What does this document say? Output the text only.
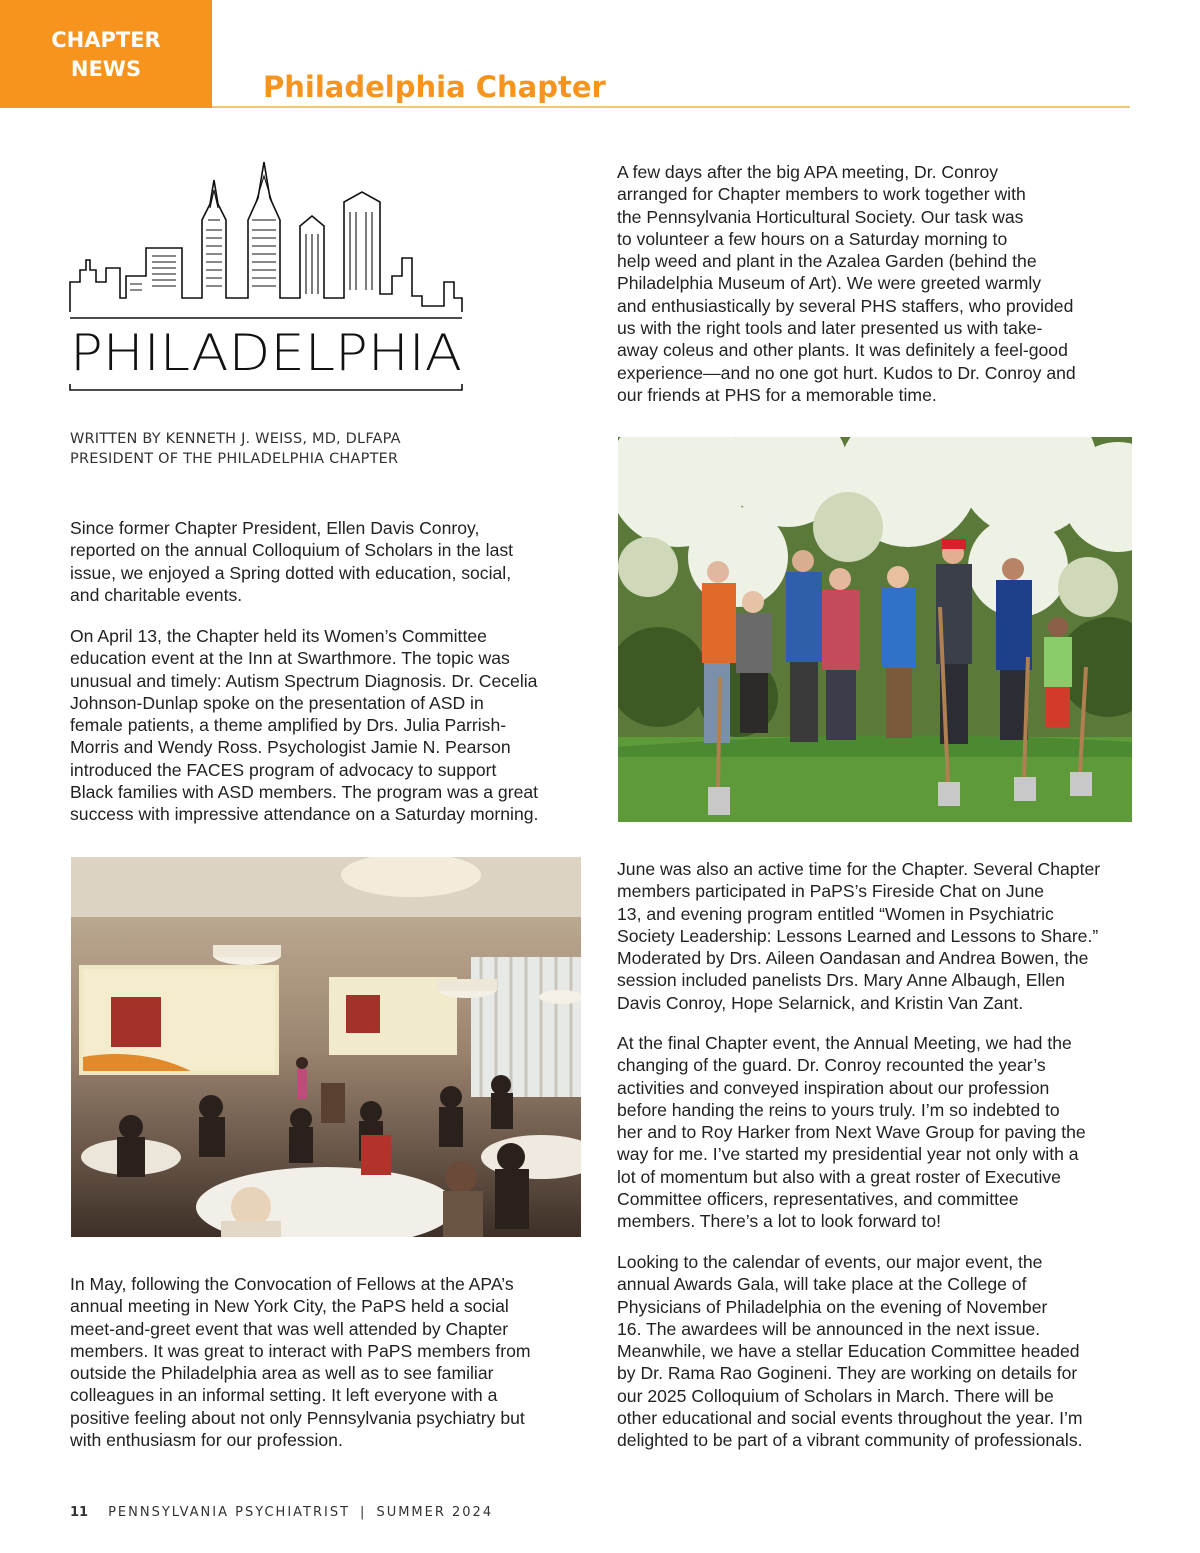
CHAPTER
NEWS
Philadelphia Chapter
PHILADELPHIA
WRITTEN BY KENNETH J. WEISS, MD, DLFAPA
PRESIDENT OF THE PHILADELPHIA CHAPTER
Since former Chapter President, Ellen Davis Conroy,
reported on the annual Colloquium of Scholars in the last
issue, we enjoyed a Spring dotted with education, social,
and charitable events.
On April 13, the Chapter held its Women’s Committee
education event at the Inn at Swarthmore. The topic was
unusual and timely: Autism Spectrum Diagnosis. Dr. Cecelia
Johnson-Dunlap spoke on the presentation of ASD in
female patients, a theme amplified by Drs. Julia Parrish-
Morris and Wendy Ross. Psychologist Jamie N. Pearson
introduced the FACES program of advocacy to support
Black families with ASD members. The program was a great
success with impressive attendance on a Saturday morning.
In May, following the Convocation of Fellows at the APA’s
annual meeting in New York City, the PaPS held a social
meet-and-greet event that was well attended by Chapter
members. It was great to interact with PaPS members from
outside the Philadelphia area as well as to see familiar
colleagues in an informal setting. It left everyone with a
positive feeling about not only Pennsylvania psychiatry but
with enthusiasm for our profession.
A few days after the big APA meeting, Dr. Conroy
arranged for Chapter members to work together with
the Pennsylvania Horticultural Society. Our task was
to volunteer a few hours on a Saturday morning to
help weed and plant in the Azalea Garden (behind the
Philadelphia Museum of Art). We were greeted warmly
and enthusiastically by several PHS staffers, who provided
us with the right tools and later presented us with take-
away coleus and other plants. It was definitely a feel-good
experience—and no one got hurt. Kudos to Dr. Conroy and
our friends at PHS for a memorable time.
June was also an active time for the Chapter. Several Chapter
members participated in PaPS’s Fireside Chat on June
13, and evening program entitled “Women in Psychiatric
Society Leadership: Lessons Learned and Lessons to Share.”
Moderated by Drs. Aileen Oandasan and Andrea Bowen, the
session included panelists Drs. Mary Anne Albaugh, Ellen
Davis Conroy, Hope Selarnick, and Kristin Van Zant.
At the final Chapter event, the Annual Meeting, we had the
changing of the guard. Dr. Conroy recounted the year’s
activities and conveyed inspiration about our profession
before handing the reins to yours truly. I’m so indebted to
her and to Roy Harker from Next Wave Group for paving the
way for me. I’ve started my presidential year not only with a
lot of momentum but also with a great roster of Executive
Committee officers, representatives, and committee
members. There’s a lot to look forward to!
Looking to the calendar of events, our major event, the
annual Awards Gala, will take place at the College of
Physicians of Philadelphia on the evening of November
16. The awardees will be announced in the next issue.
Meanwhile, we have a stellar Education Committee headed
by Dr. Rama Rao Gogineni. They are working on details for
our 2025 Colloquium of Scholars in March. There will be
other educational and social events throughout the year. I’m
delighted to be part of a vibrant community of professionals.
11 PENNSYLVANIA PSYCHIATRIST | SUMMER 2024
